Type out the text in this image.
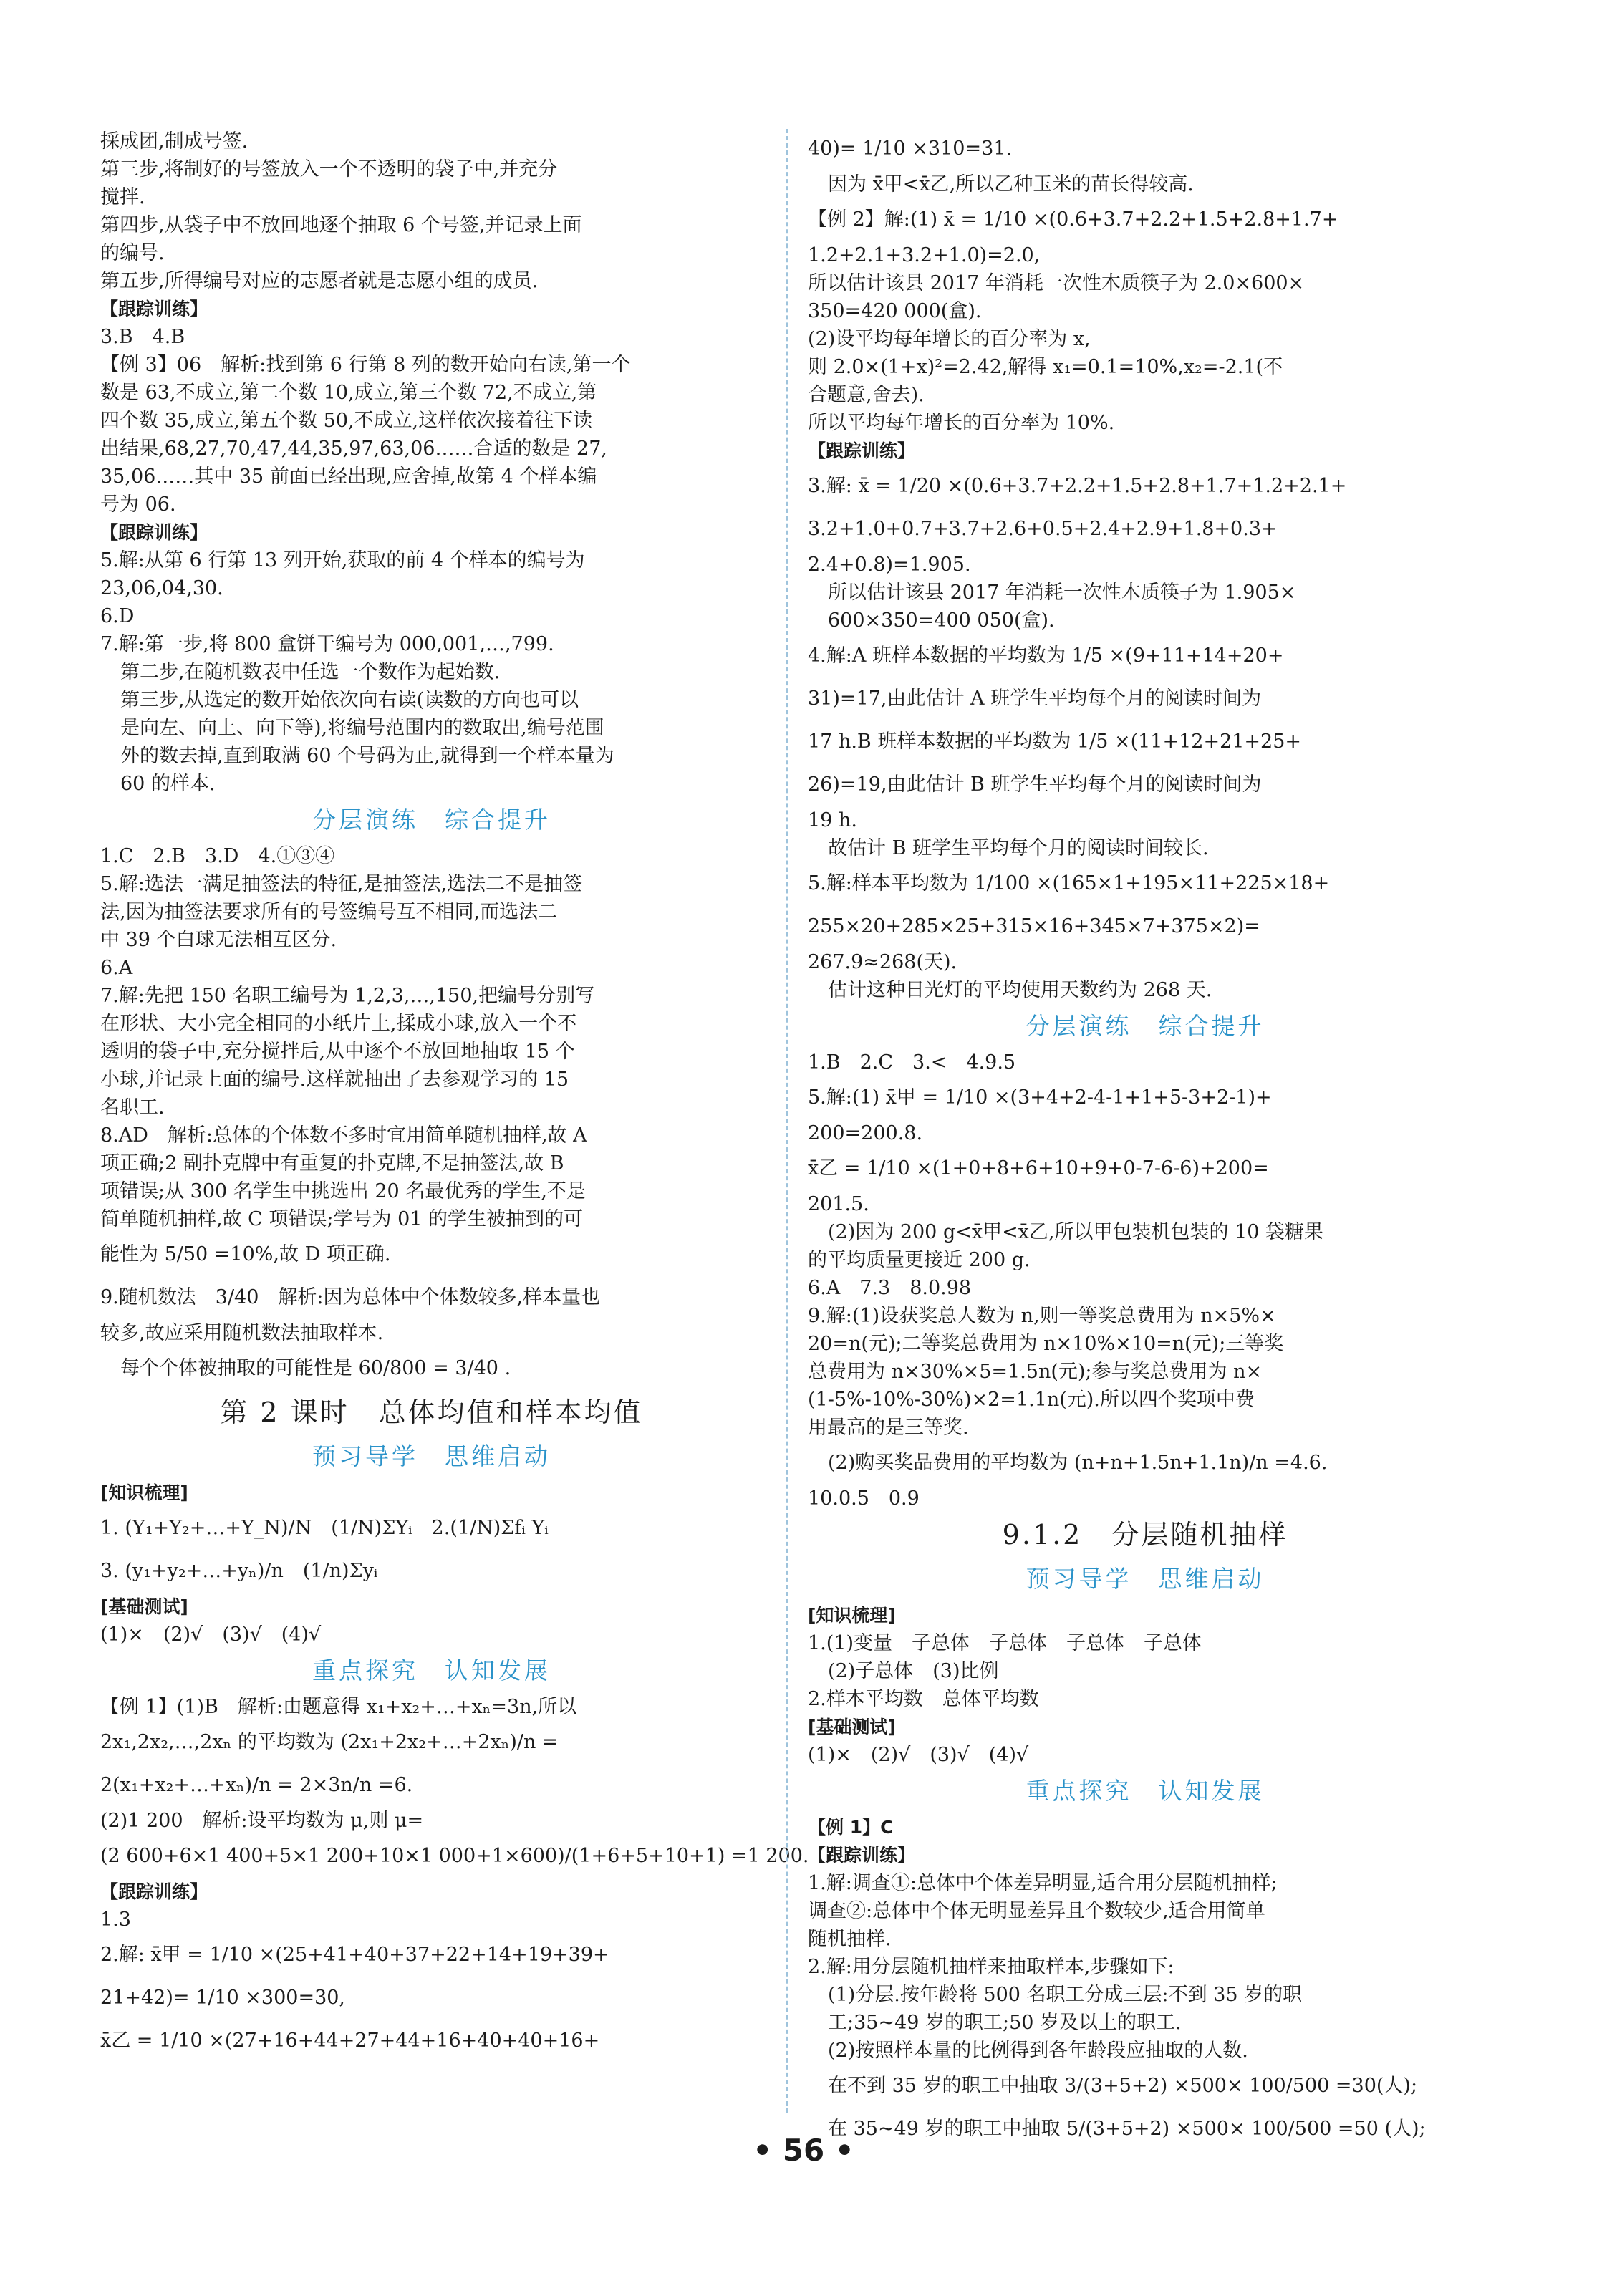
採成团,制成号签.
第三步,将制好的号签放入一个不透明的袋子中,并充分
搅拌.
第四步,从袋子中不放回地逐个抽取 6 个号签,并记录上面
的编号.
第五步,所得编号对应的志愿者就是志愿小组的成员.
【跟踪训练】
3.B　4.B
【例 3】06　解析:找到第 6 行第 8 列的数开始向右读,第一个
数是 63,不成立,第二个数 10,成立,第三个数 72,不成立,第
四个数 35,成立,第五个数 50,不成立,这样依次接着往下读
出结果,68,27,70,47,44,35,97,63,06……合适的数是 27,
35,06……其中 35 前面已经出现,应舍掉,故第 4 个样本编
号为 06.
【跟踪训练】
5.解:从第 6 行第 13 列开始,获取的前 4 个样本的编号为
23,06,04,30.
6.D
7.解:第一步,将 800 盒饼干编号为 000,001,…,799.
第二步,在随机数表中任选一个数作为起始数.
第三步,从选定的数开始依次向右读(读数的方向也可以
是向左、向上、向下等),将编号范围内的数取出,编号范围
外的数去掉,直到取满 60 个号码为止,就得到一个样本量为
60 的样本.
分层演练　综合提升
1.C　2.B　3.D　4.①③④
5.解:选法一满足抽签法的特征,是抽签法,选法二不是抽签
法,因为抽签法要求所有的号签编号互不相同,而选法二
中 39 个白球无法相互区分.
6.A
7.解:先把 150 名职工编号为 1,2,3,…,150,把编号分别写
在形状、大小完全相同的小纸片上,揉成小球,放入一个不
透明的袋子中,充分搅拌后,从中逐个不放回地抽取 15 个
小球,并记录上面的编号.这样就抽出了去参观学习的 15
名职工.
8.AD　解析:总体的个体数不多时宜用简单随机抽样,故 A
项正确;2 副扑克牌中有重复的扑克牌,不是抽签法,故 B
项错误;从 300 名学生中挑选出 20 名最优秀的学生,不是
简单随机抽样,故 C 项错误;学号为 01 的学生被抽到的可
能性为 5/50 =10%,故 D 项正确.
9.随机数法　3/40　解析:因为总体中个体数较多,样本量也
较多,故应采用随机数法抽取样本.
每个个体被抽取的可能性是 60/800 = 3/40 .
第 2 课时　总体均值和样本均值
预习导学　思维启动
[知识梳理]
1. (Y₁+Y₂+…+Y_N)/N　(1/N)ΣYᵢ　2.(1/N)Σfᵢ Yᵢ
3. (y₁+y₂+…+yₙ)/n　(1/n)Σyᵢ
[基础测试]
(1)×　(2)√　(3)√　(4)√
重点探究　认知发展
【例 1】(1)B　解析:由题意得 x₁+x₂+…+xₙ=3n,所以
2x₁,2x₂,…,2xₙ 的平均数为 (2x₁+2x₂+…+2xₙ)/n =
2(x₁+x₂+…+xₙ)/n = 2×3n/n =6.
(2)1 200　解析:设平均数为 μ,则 μ=
(2 600+6×1 400+5×1 200+10×1 000+1×600)/(1+6+5+10+1) =1 200.
【跟踪训练】
1.3
2.解: x̄甲 = 1/10 ×(25+41+40+37+22+14+19+39+
21+42)= 1/10 ×300=30,
x̄乙 = 1/10 ×(27+16+44+27+44+16+40+40+16+
40)= 1/10 ×310=31.
因为 x̄甲<x̄乙,所以乙种玉米的苗长得较高.
【例 2】解:(1) x̄ = 1/10 ×(0.6+3.7+2.2+1.5+2.8+1.7+
1.2+2.1+3.2+1.0)=2.0,
所以估计该县 2017 年消耗一次性木质筷子为 2.0×600×
350=420 000(盒).
(2)设平均每年增长的百分率为 x,
则 2.0×(1+x)²=2.42,解得 x₁=0.1=10%,x₂=-2.1(不
合题意,舍去).
所以平均每年增长的百分率为 10%.
【跟踪训练】
3.解: x̄ = 1/20 ×(0.6+3.7+2.2+1.5+2.8+1.7+1.2+2.1+
3.2+1.0+0.7+3.7+2.6+0.5+2.4+2.9+1.8+0.3+
2.4+0.8)=1.905.
所以估计该县 2017 年消耗一次性木质筷子为 1.905×
600×350=400 050(盒).
4.解:A 班样本数据的平均数为 1/5 ×(9+11+14+20+
31)=17,由此估计 A 班学生平均每个月的阅读时间为
17 h.B 班样本数据的平均数为 1/5 ×(11+12+21+25+
26)=19,由此估计 B 班学生平均每个月的阅读时间为
19 h.
故估计 B 班学生平均每个月的阅读时间较长.
5.解:样本平均数为 1/100 ×(165×1+195×11+225×18+
255×20+285×25+315×16+345×7+375×2)=
267.9≈268(天).
估计这种日光灯的平均使用天数约为 268 天.
分层演练　综合提升
1.B　2.C　3.<　4.9.5
5.解:(1) x̄甲 = 1/10 ×(3+4+2-4-1+1+5-3+2-1)+
200=200.8.
x̄乙 = 1/10 ×(1+0+8+6+10+9+0-7-6-6)+200=
201.5.
(2)因为 200 g<x̄甲<x̄乙,所以甲包装机包装的 10 袋糖果
的平均质量更接近 200 g.
6.A　7.3　8.0.98
9.解:(1)设获奖总人数为 n,则一等奖总费用为 n×5%×
20=n(元);二等奖总费用为 n×10%×10=n(元);三等奖
总费用为 n×30%×5=1.5n(元);参与奖总费用为 n×
(1-5%-10%-30%)×2=1.1n(元).所以四个奖项中费
用最高的是三等奖.
(2)购买奖品费用的平均数为 (n+n+1.5n+1.1n)/n =4.6.
10.0.5　0.9
9.1.2　分层随机抽样
预习导学　思维启动
[知识梳理]
1.(1)变量　子总体　子总体　子总体　子总体
(2)子总体　(3)比例
2.样本平均数　总体平均数
[基础测试]
(1)×　(2)√　(3)√　(4)√
重点探究　认知发展
【例 1】C
【跟踪训练】
1.解:调查①:总体中个体差异明显,适合用分层随机抽样;
调查②:总体中个体无明显差异且个数较少,适合用简单
随机抽样.
2.解:用分层随机抽样来抽取样本,步骤如下:
(1)分层.按年龄将 500 名职工分成三层:不到 35 岁的职
工;35~49 岁的职工;50 岁及以上的职工.
(2)按照样本量的比例得到各年龄段应抽取的人数.
在不到 35 岁的职工中抽取 3/(3+5+2) ×500× 100/500 =30(人);
在 35~49 岁的职工中抽取 5/(3+5+2) ×500× 100/500 =50 (人);
• 56 •
